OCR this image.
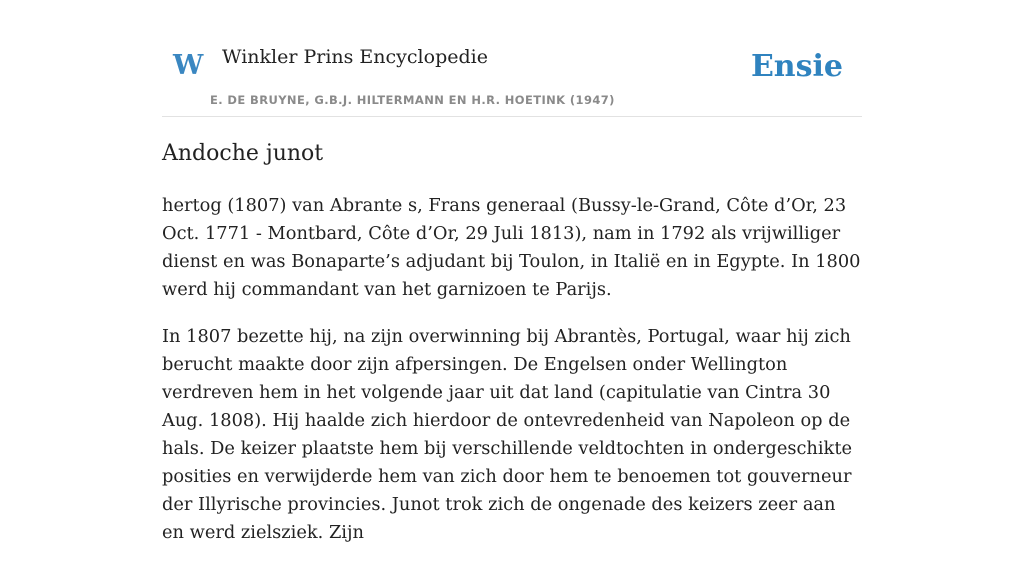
W Winkler Prins Encyclopedie
E. DE BRUYNE, G.B.J. HILTERMANN EN H.R. HOETINK (1947)
Ensie
Andoche junot

hertog (1807) van Abrante s, Frans generaal (Bussy-le-Grand, Côte d’Or, 23 Oct. 1771 - Montbard, Côte d’Or, 29 Juli 1813), nam in 1792 als vrijwilliger dienst en was Bonaparte’s adjudant bij Toulon, in Italië en in Egypte. In 1800 werd hij commandant van het garnizoen te Parijs.

In 1807 bezette hij, na zijn overwinning bij Abrantès, Portugal, waar hij zich berucht maakte door zijn afpersingen. De Engelsen onder Wellington verdreven hem in het volgende jaar uit dat land (capitulatie van Cintra 30 Aug. 1808). Hij haalde zich hierdoor de ontevredenheid van Napoleon op de hals. De keizer plaatste hem bij verschillende veldtochten in ondergeschikte posities en verwijderde hem van zich door hem te benoemen tot gouverneur der Illyrische provincies. Junot trok zich de ongenade des keizers zeer aan en werd zielsziek. Zijn
